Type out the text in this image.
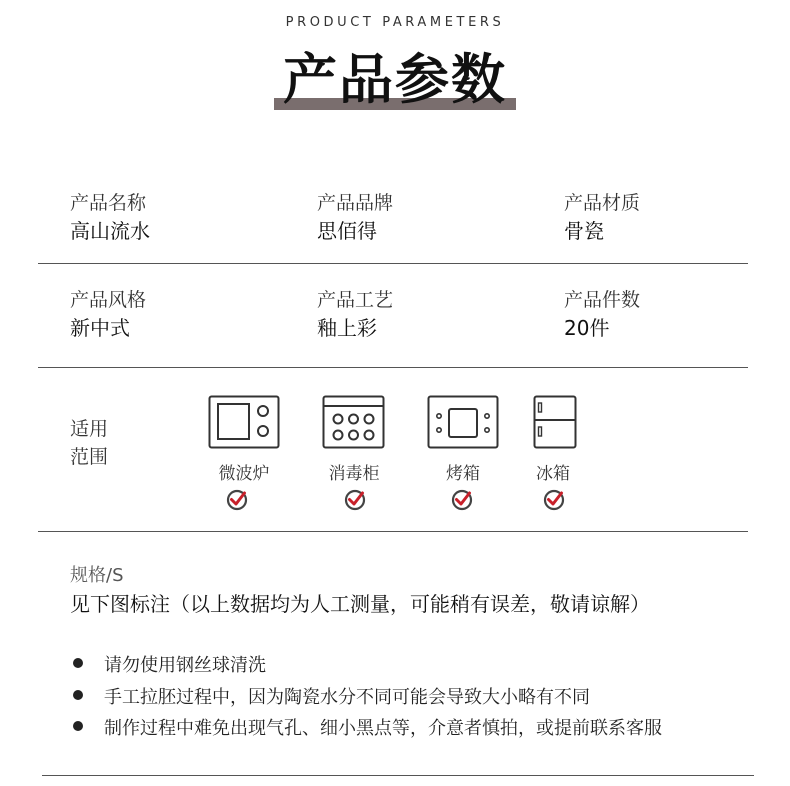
PRODUCT PARAMETERS
产品参数
产品名称
高山流水
产品品牌
思佰得
产品材质
骨瓷
产品风格
新中式
产品工艺
釉上彩
产品件数
20件
适用
范围
微波炉	消毒柜	烤箱	冰箱
规格/S
见下图标注（以上数据均为人工测量，可能稍有误差，敬请谅解）
请勿使用钢丝球清洗
手工拉胚过程中，因为陶瓷水分不同可能会导致大小略有不同
制作过程中难免出现气孔、细小黑点等，介意者慎拍，或提前联系客服
